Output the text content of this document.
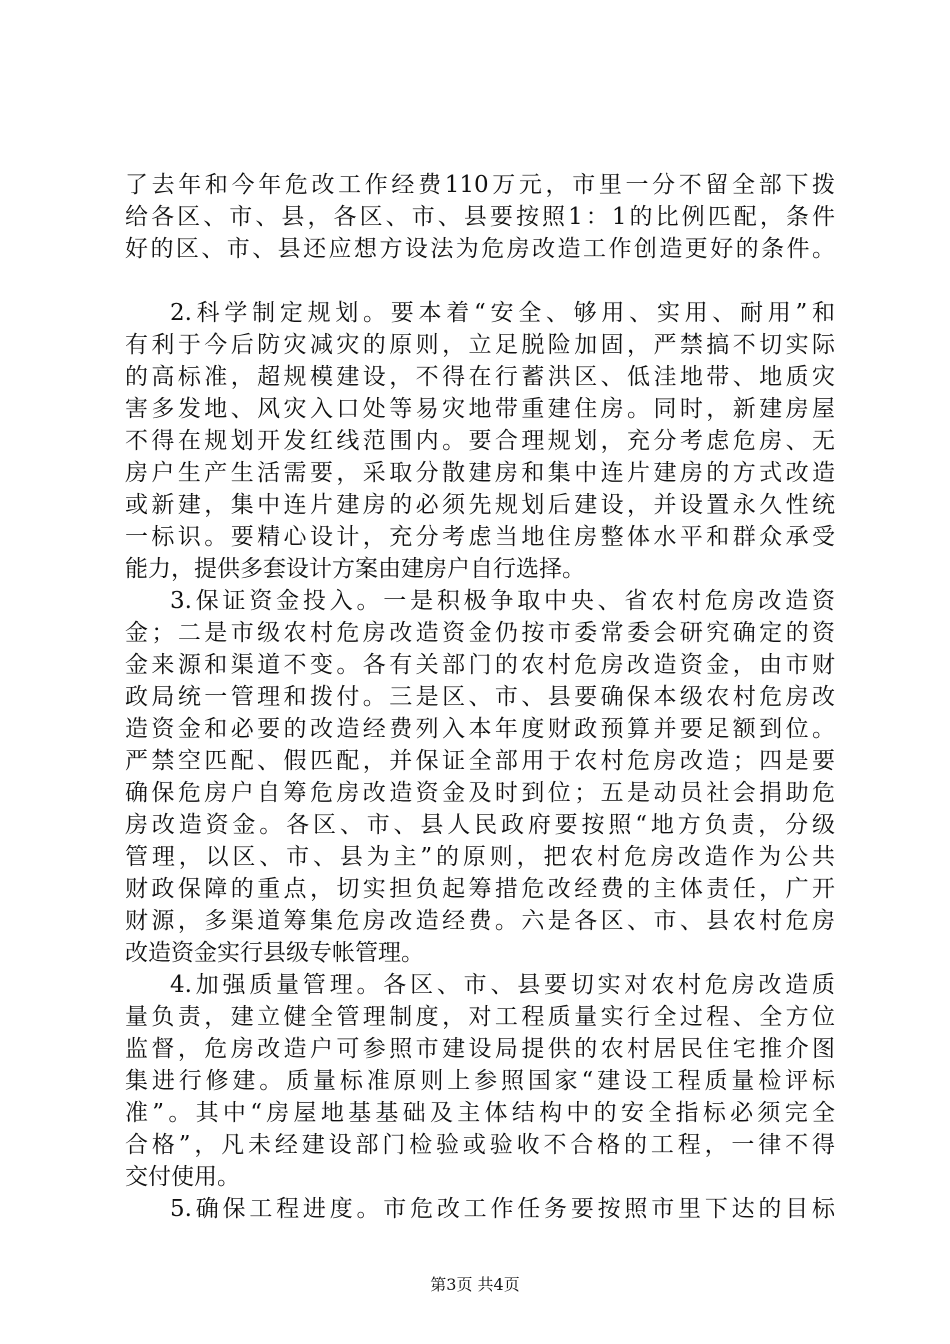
了去年和今年危改工作经费110万元，市里一分不留全部下拨
给各区、市、县，各区、市、县要按照1：1的比例匹配，条件
好的区、市、县还应想方设法为危房改造工作创造更好的条件。
2.科学制定规划。要本着“安全、够用、实用、耐用”和
有利于今后防灾减灾的原则，立足脱险加固，严禁搞不切实际
的高标准，超规模建设，不得在行蓄洪区、低洼地带、地质灾
害多发地、风灾入口处等易灾地带重建住房。同时，新建房屋
不得在规划开发红线范围内。要合理规划，充分考虑危房、无
房户生产生活需要，采取分散建房和集中连片建房的方式改造
或新建，集中连片建房的必须先规划后建设，并设置永久性统
一标识。要精心设计，充分考虑当地住房整体水平和群众承受
能力，提供多套设计方案由建房户自行选择。
3.保证资金投入。一是积极争取中央、省农村危房改造资
金；二是市级农村危房改造资金仍按市委常委会研究确定的资
金来源和渠道不变。各有关部门的农村危房改造资金，由市财
政局统一管理和拨付。三是区、市、县要确保本级农村危房改
造资金和必要的改造经费列入本年度财政预算并要足额到位。
严禁空匹配、假匹配，并保证全部用于农村危房改造；四是要
确保危房户自筹危房改造资金及时到位；五是动员社会捐助危
房改造资金。各区、市、县人民政府要按照“地方负责，分级
管理，以区、市、县为主”的原则，把农村危房改造作为公共
财政保障的重点，切实担负起筹措危改经费的主体责任，广开
财源，多渠道筹集危房改造经费。六是各区、市、县农村危房
改造资金实行县级专帐管理。
4.加强质量管理。各区、市、县要切实对农村危房改造质
量负责，建立健全管理制度，对工程质量实行全过程、全方位
监督，危房改造户可参照市建设局提供的农村居民住宅推介图
集进行修建。质量标准原则上参照国家“建设工程质量检评标
准”。其中“房屋地基基础及主体结构中的安全指标必须完全
合格”，凡未经建设部门检验或验收不合格的工程，一律不得
交付使用。
5.确保工程进度。市危改工作任务要按照市里下达的目标
第3页 共4页
